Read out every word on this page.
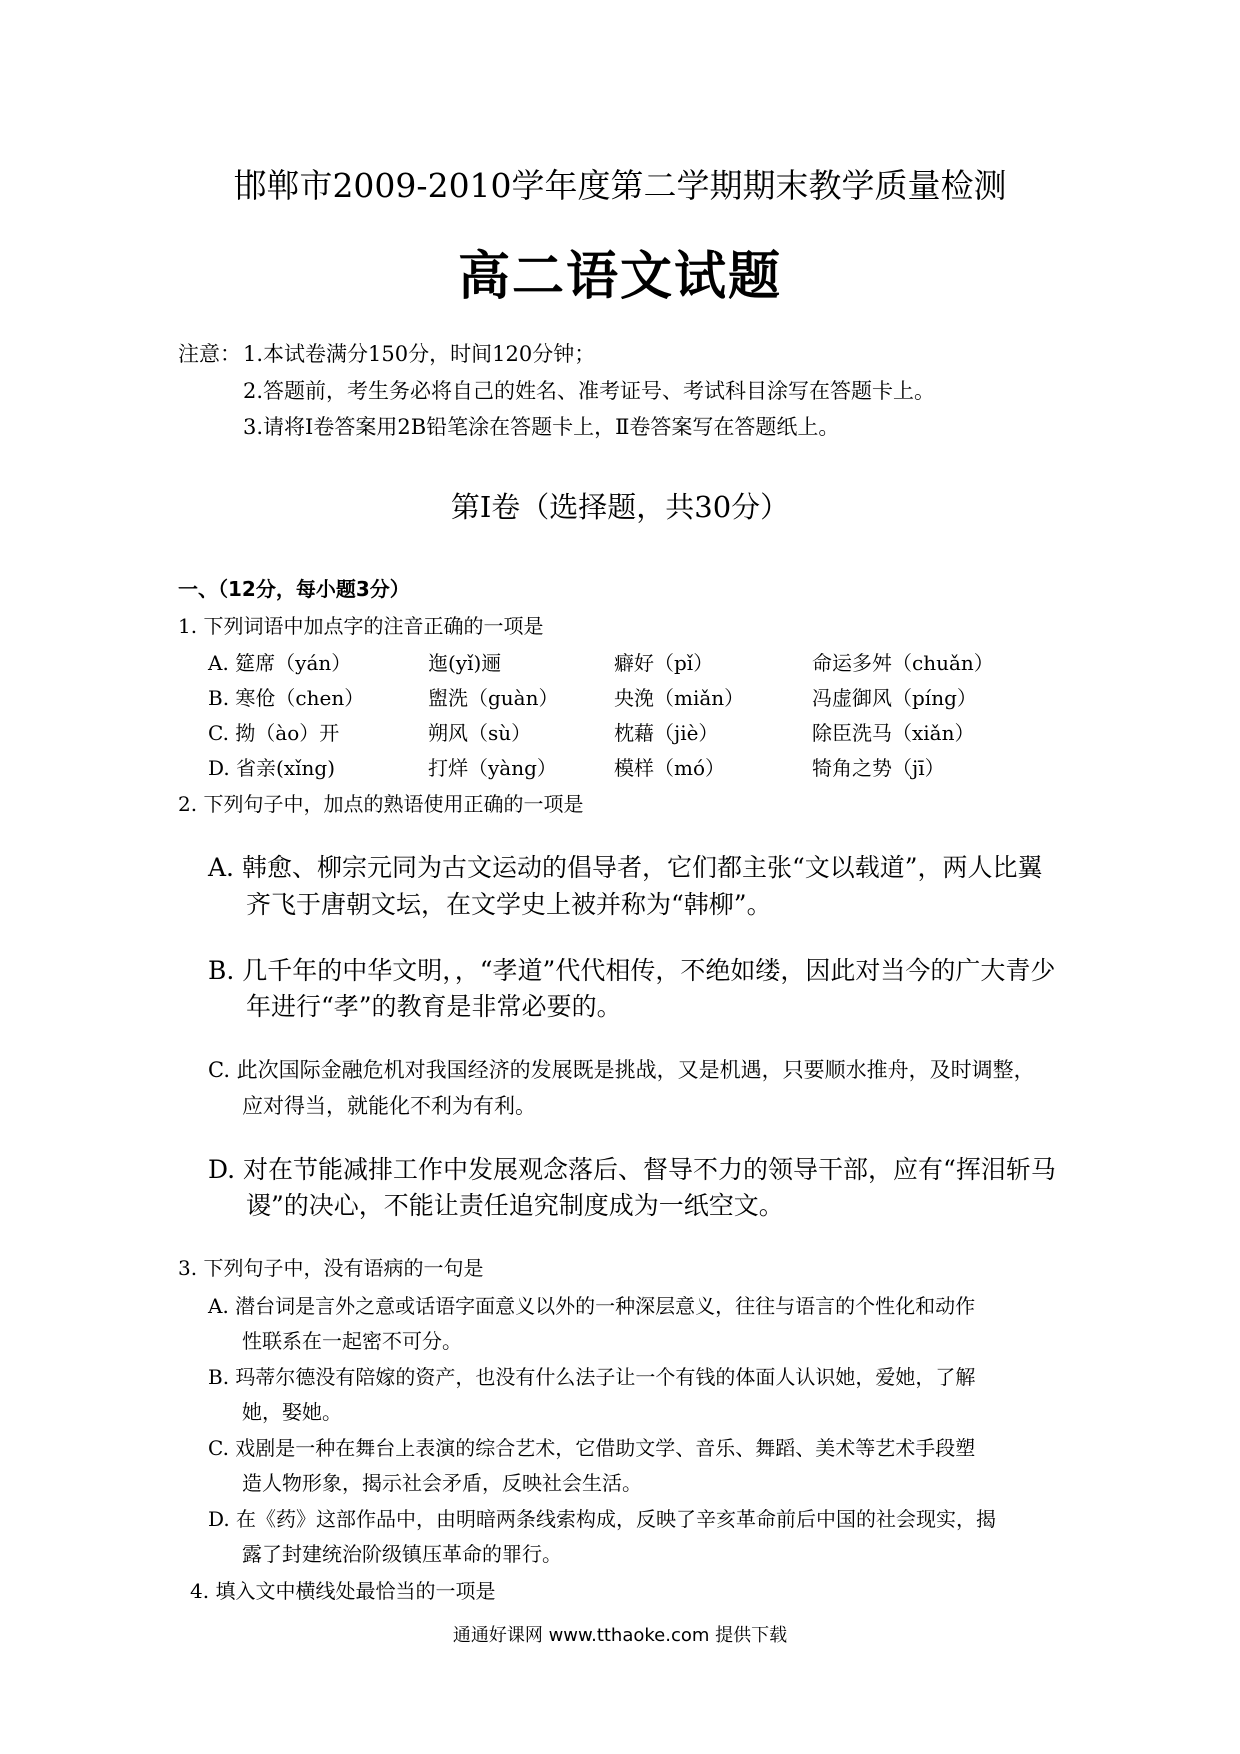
邯郸市2009-2010学年度第二学期期末教学质量检测
高二语文试题
注意： 1.本试卷满分150分，时间120分钟；
2.答题前，考生务必将自己的姓名、准考证号、考试科目涂写在答题卡上。
3.请将Ⅰ卷答案用2B铅笔涂在答题卡上，Ⅱ卷答案写在答题纸上。
第Ⅰ卷（选择题，共30分）
一、（12分，每小题3分）
1. 下列词语中加点字的注音正确的一项是
A. 筵席（yán）	迤(yǐ)逦	癖好（pǐ）	命运多舛（chuǎn）
B. 寒伧（chen）	盥洗（guàn）	央浼（miǎn）	冯虚御风（píng）
C. 拗（ào）开	朔风（sù）	枕藉（jiè）	除臣洗马（xiǎn）
D. 省亲(xǐng)	打烊（yàng）	模样（mó）	犄角之势（jī）
2. 下列句子中，加点的熟语使用正确的一项是
A. 韩愈、柳宗元同为古文运动的倡导者，它们都主张“文以载道”，两人比翼
齐飞于唐朝文坛，在文学史上被并称为“韩柳”。
B. 几千年的中华文明，，“孝道”代代相传，不绝如缕，因此对当今的广大青少
年进行“孝”的教育是非常必要的。
C. 此次国际金融危机对我国经济的发展既是挑战，又是机遇，只要顺水推舟，及时调整，
应对得当，就能化不利为有利。
D. 对在节能减排工作中发展观念落后、督导不力的领导干部，应有“挥泪斩马
谡”的决心，不能让责任追究制度成为一纸空文。
3. 下列句子中，没有语病的一句是
A. 潜台词是言外之意或话语字面意义以外的一种深层意义，往往与语言的个性化和动作
性联系在一起密不可分。
B. 玛蒂尔德没有陪嫁的资产，也没有什么法子让一个有钱的体面人认识她，爱她，了解
她，娶她。
C. 戏剧是一种在舞台上表演的综合艺术，它借助文学、音乐、舞蹈、美术等艺术手段塑
造人物形象，揭示社会矛盾，反映社会生活。
D. 在《药》这部作品中，由明暗两条线索构成，反映了辛亥革命前后中国的社会现实，揭
露了封建统治阶级镇压革命的罪行。
4. 填入文中横线处最恰当的一项是
通通好课网 www.tthaoke.com 提供下载
